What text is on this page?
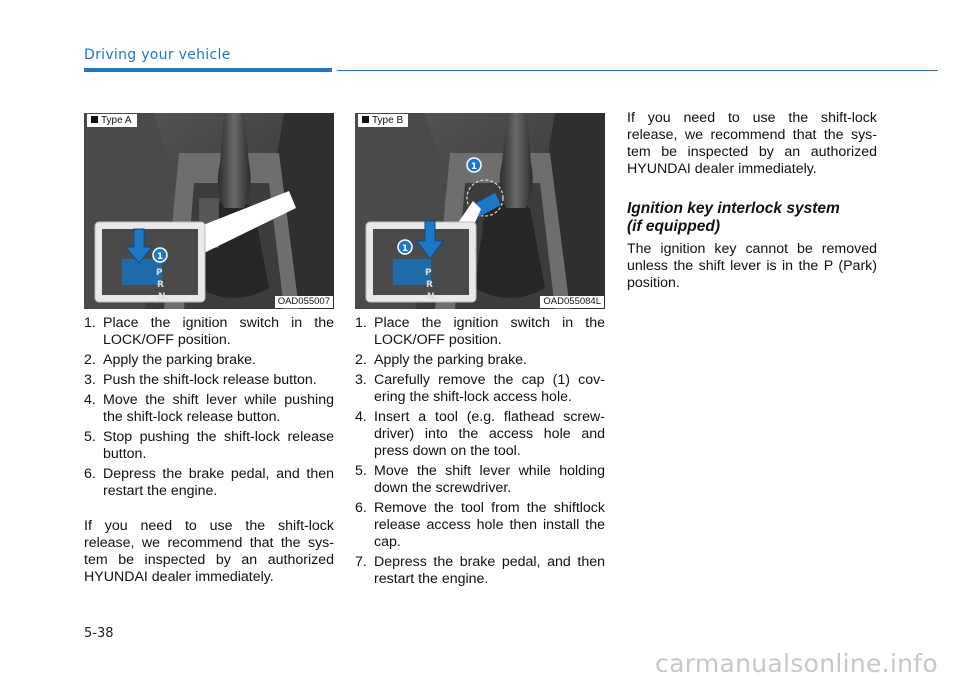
Driving your vehicle
1
P
R
N
Type A
OAD055007
1
1
P
R
N
Type B
OAD055084L
1. Place the ignition switch in the LOCK/OFF position.
2. Apply the parking brake.
3. Push the shift-lock release button.
4. Move the shift lever while pushing the shift-lock release button.
5. Stop pushing the shift-lock release button.
6. Depress the brake pedal, and then restart the engine.

If you need to use the shift-lock release, we recommend that the sys-tem be inspected by an authorized HYUNDAI dealer immediately.

1. Place the ignition switch in the LOCK/OFF position.
2. Apply the parking brake.
3. Carefully remove the cap (1) cov-ering the shift-lock access hole.
4. Insert a tool (e.g. flathead screw-driver) into the access hole and press down on the tool.
5. Move the shift lever while holding down the screwdriver.
6. Remove the tool from the shiftlock release access hole then install the cap.
7. Depress the brake pedal, and then restart the engine.

If you need to use the shift-lock release, we recommend that the sys-tem be inspected by an authorized HYUNDAI dealer immediately.

Ignition key interlock system
(if equipped)

The ignition key cannot be removed unless the shift lever is in the P (Park) position.

5-38
carmanualsonline.info
